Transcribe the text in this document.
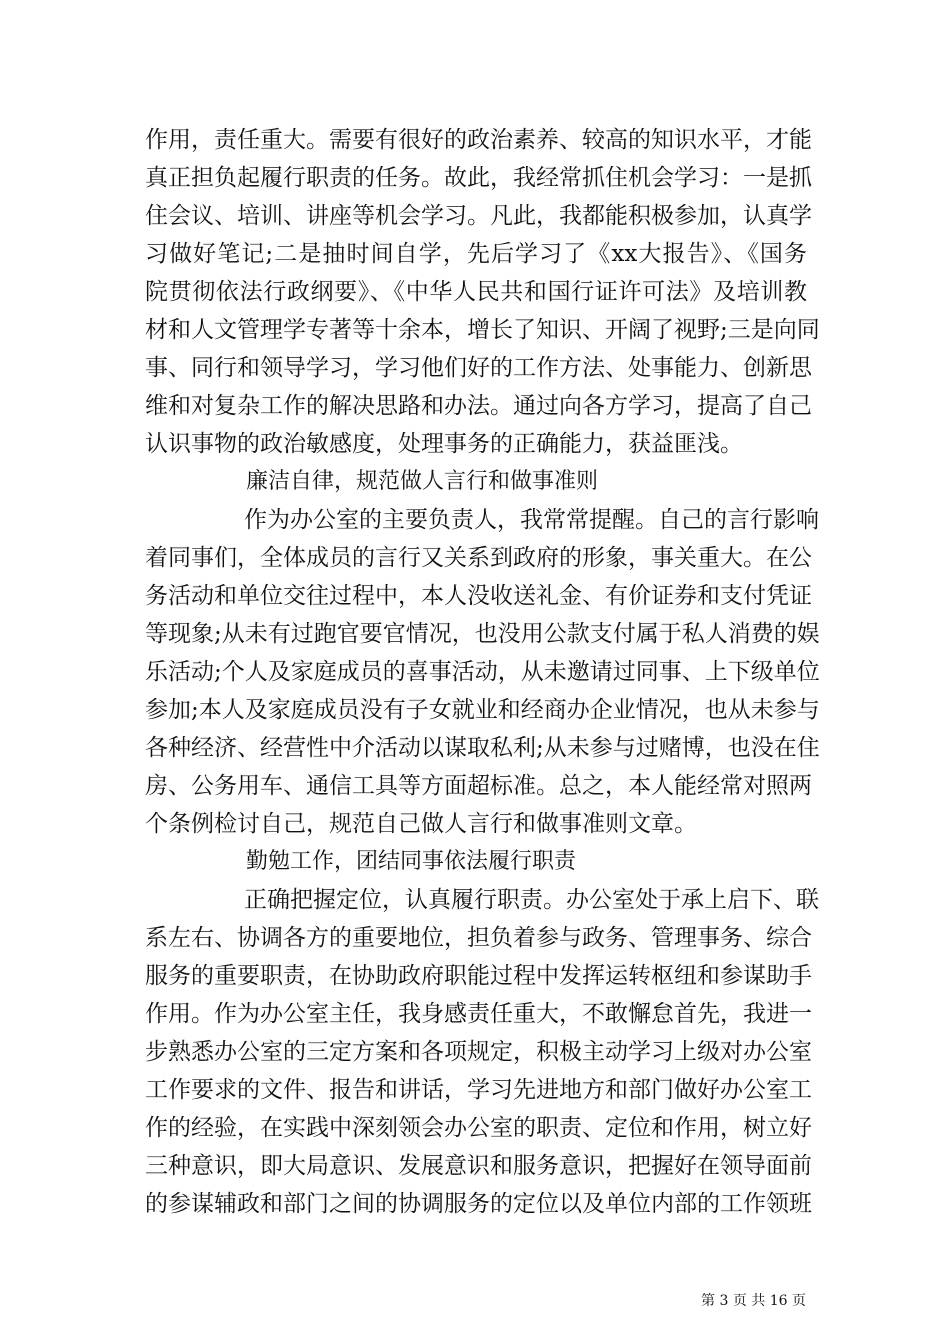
作用，责任重大。需要有很好的政治素养、较高的知识水平，才能
真正担负起履行职责的任务。故此，我经常抓住机会学习：一是抓
住会议、培训、讲座等机会学习。凡此，我都能积极参加，认真学
习做好笔记;二是抽时间自学，先后学习了《xx大报告》、《国务
院贯彻依法行政纲要》、《中华人民共和国行证许可法》及培训教
材和人文管理学专著等十余本，增长了知识、开阔了视野;三是向同
事、同行和领导学习，学习他们好的工作方法、处事能力、创新思
维和对复杂工作的解决思路和办法。通过向各方学习，提高了自己
认识事物的政治敏感度，处理事务的正确能力，获益匪浅。
廉洁自律，规范做人言行和做事准则
作为办公室的主要负责人，我常常提醒。自己的言行影响
着同事们，全体成员的言行又关系到政府的形象，事关重大。在公
务活动和单位交往过程中，本人没收送礼金、有价证券和支付凭证
等现象;从未有过跑官要官情况，也没用公款支付属于私人消费的娱
乐活动;个人及家庭成员的喜事活动，从未邀请过同事、上下级单位
参加;本人及家庭成员没有子女就业和经商办企业情况，也从未参与
各种经济、经营性中介活动以谋取私利;从未参与过赌博，也没在住
房、公务用车、通信工具等方面超标准。总之，本人能经常对照两
个条例检讨自己，规范自己做人言行和做事准则文章。
勤勉工作，团结同事依法履行职责
正确把握定位，认真履行职责。办公室处于承上启下、联
系左右、协调各方的重要地位，担负着参与政务、管理事务、综合
服务的重要职责，在协助政府职能过程中发挥运转枢纽和参谋助手
作用。作为办公室主任，我身感责任重大，不敢懈怠首先，我进一
步熟悉办公室的三定方案和各项规定，积极主动学习上级对办公室
工作要求的文件、报告和讲话，学习先进地方和部门做好办公室工
作的经验，在实践中深刻领会办公室的职责、定位和作用，树立好
三种意识，即大局意识、发展意识和服务意识，把握好在领导面前
的参谋辅政和部门之间的协调服务的定位以及单位内部的工作领班
第 3 页 共 16 页
